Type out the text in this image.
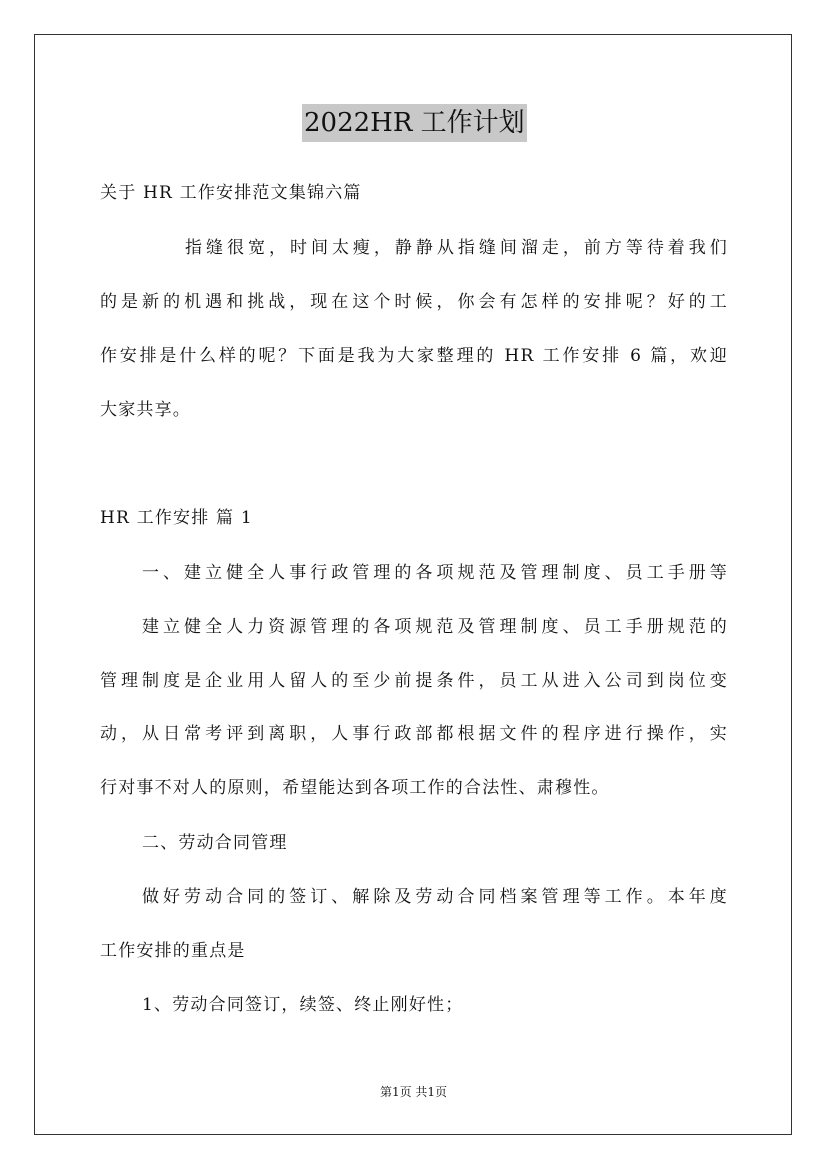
2022HR 工作计划
关于 HR 工作安排范文集锦六篇
指缝很宽，时间太瘦，静静从指缝间溜走，前方等待着我们
的是新的机遇和挑战，现在这个时候，你会有怎样的安排呢？好的工
作安排是什么样的呢？下面是我为大家整理的 HR 工作安排 6 篇，欢迎
大家共享。
HR 工作安排 篇 1
一、建立健全人事行政管理的各项规范及管理制度、员工手册等
建立健全人力资源管理的各项规范及管理制度、员工手册规范的
管理制度是企业用人留人的至少前提条件，员工从进入公司到岗位变
动，从日常考评到离职，人事行政部都根据文件的程序进行操作，实
行对事不对人的原则，希望能达到各项工作的合法性、肃穆性。
二、劳动合同管理
做好劳动合同的签订、解除及劳动合同档案管理等工作。本年度
工作安排的重点是
1、劳动合同签订，续签、终止刚好性；
第1页 共1页
